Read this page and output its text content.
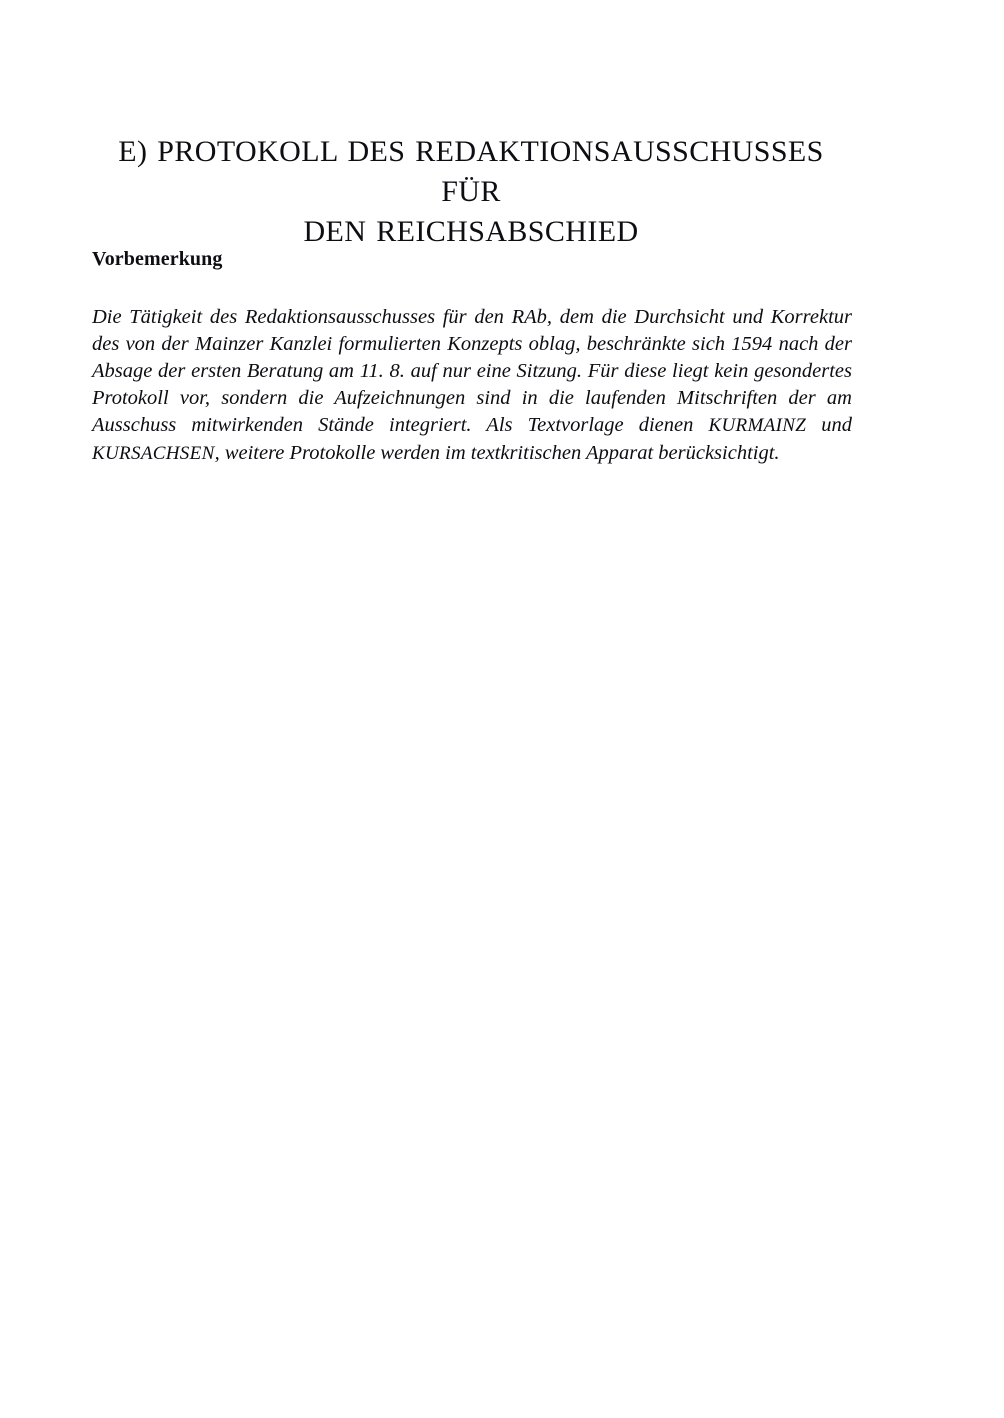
E) PROTOKOLL DES REDAKTIONSAUSSCHUSSES FÜR
DEN REICHSABSCHIED
Vorbemerkung

Die Tätigkeit des Redaktionsausschusses für den RAb, dem die Durchsicht und Korrektur des von der Mainzer Kanzlei formulierten Konzepts oblag, beschränkte sich 1594 nach der Absage der ersten Beratung am 11. 8. auf nur eine Sitzung. Für diese liegt kein gesondertes Protokoll vor, sondern die Aufzeichnungen sind in die laufenden Mitschriften der am Ausschuss mitwirkenden Stände integriert. Als Textvorlage dienen KURMAINZ und KURSACHSEN, weitere Protokolle werden im textkritischen Apparat berücksichtigt.
